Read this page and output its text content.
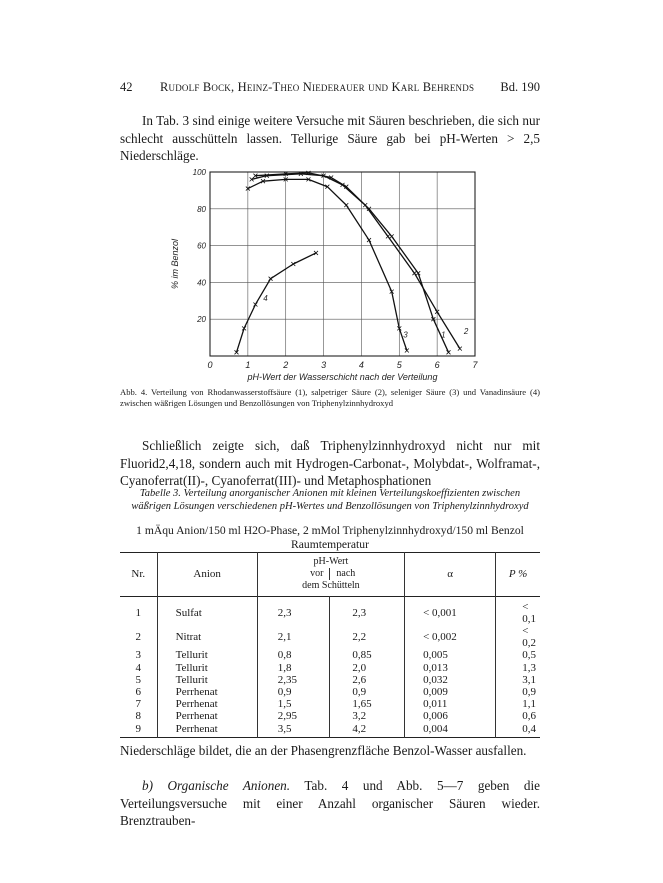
42 Rudolf Bock, Heinz-Theo Niederauer und Karl Behrends Bd. 190
In Tab. 3 sind einige weitere Versuche mit Säuren beschrieben, die sich nur schlecht ausschütteln lassen. Tellurige Säure gab bei pH-Werten > 2,5 Niederschläge.
0	1	2	3	4	5	6	7
20
40
60
80
100
pH-Wert der Wasserschicht nach der Verteilung
% im Benzol
1 2
3
4
Abb. 4. Verteilung von Rhodanwasserstoffsäure (1), salpetriger Säure (2), seleniger Säure (3) und Vanadinsäure (4) zwischen wäßrigen Lösungen und Benzollösungen von Triphenylzinnhydroxyd
Schließlich zeigte sich, daß Triphenylzinnhydroxyd nicht nur mit Fluorid2,4,18, sondern auch mit Hydrogen-Carbonat-, Molybdat-, Wolframat-, Cyanoferrat(II)-, Cyanoferrat(III)- und Metaphosphationen
Tabelle 3. Verteilung anorganischer Anionen mit kleinen Verteilungskoeffizienten zwischen wäßrigen Lösungen verschiedenen pH-Wertes und Benzollösungen von Triphenylzinnhydroxyd
1 mÄqu Anion/150 ml H2O-Phase, 2 mMol Triphenylzinnhydroxyd/150 ml Benzol Raumtemperatur
Nr.	Anion	pH-Wert		α	P %
		vor	nach		
		dem Schütteln			
1	Sulfat	2,3	2,3	< 0,001	< 0,1
2	Nitrat	2,1	2,2	< 0,002	< 0,2
3	Tellurit	0,8	0,85	0,005	0,5
4	Tellurit	1,8	2,0	0,013	1,3
5	Tellurit	2,35	2,6	0,032	3,1
6	Perrhenat	0,9	0,9	0,009	0,9
7	Perrhenat	1,5	1,65	0,011	1,1
8	Perrhenat	2,95	3,2	0,006	0,6
9	Perrhenat	3,5	4,2	0,004	0,4
Niederschläge bildet, die an der Phasengrenzfläche Benzol-Wasser ausfallen.
b) Organische Anionen. Tab. 4 und Abb. 5—7 geben die Verteilungsversuche mit einer Anzahl organischer Säuren wieder. Brenztrauben-
